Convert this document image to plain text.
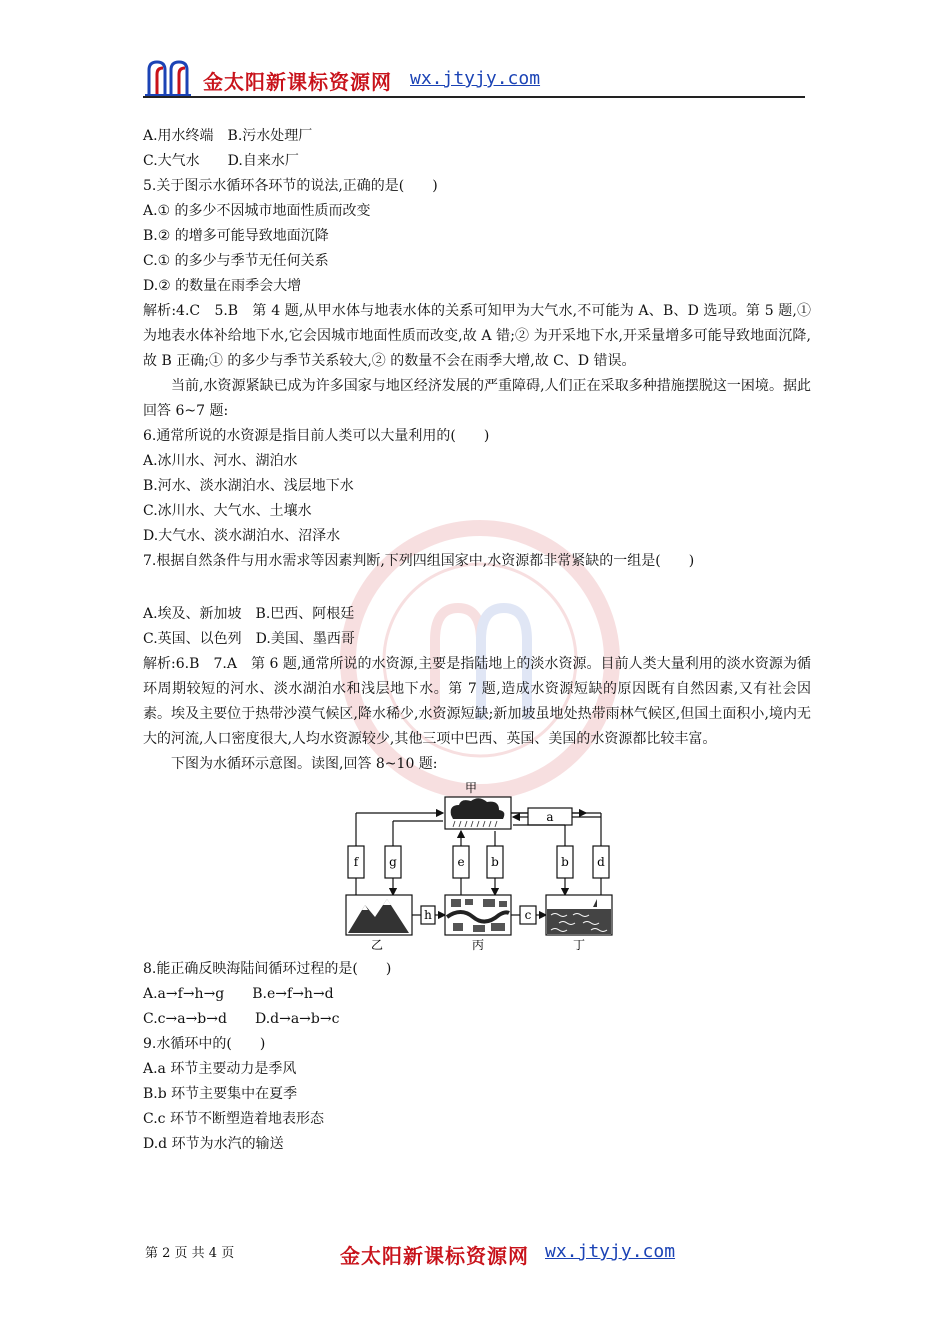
金太阳新课标资源网 wx.jtyjy.com
A.用水终端　B.污水处理厂
C.大气水　　D.自来水厂
5.关于图示水循环各环节的说法,正确的是(　　)
A.① 的多少不因城市地面性质而改变
B.② 的增多可能导致地面沉降
C.① 的多少与季节无任何关系
D.② 的数量在雨季会大增
解析:4.C　5.B　第 4 题,从甲水体与地表水体的关系可知甲为大气水,不可能为 A、B、D 选项。第 5 题,① 为地表水体补给地下水,它会因城市地面性质而改变,故 A 错;② 为开采地下水,开采量增多可能导致地面沉降,故 B 正确;① 的多少与季节关系较大,② 的数量不会在雨季大增,故 C、D 错误。
当前,水资源紧缺已成为许多国家与地区经济发展的严重障碍,人们正在采取多种措施摆脱这一困境。据此回答 6~7 题:
6.通常所说的水资源是指目前人类可以大量利用的(　　)
A.冰川水、河水、湖泊水
B.河水、淡水湖泊水、浅层地下水
C.冰川水、大气水、土壤水
D.大气水、淡水湖泊水、沼泽水
7.根据自然条件与用水需求等因素判断,下列四组国家中,水资源都非常紧缺的一组是(　　)
A.埃及、新加坡　B.巴西、阿根廷
C.英国、以色列　D.美国、墨西哥
解析:6.B　7.A　第 6 题,通常所说的水资源,主要是指陆地上的淡水资源。目前人类大量利用的淡水资源为循环周期较短的河水、淡水湖泊水和浅层地下水。第 7 题,造成水资源短缺的原因既有自然因素,又有社会因素。埃及主要位于热带沙漠气候区,降水稀少,水资源短缺;新加坡虽地处热带雨林气候区,但国土面积小,境内无大的河流,人口密度很大,人均水资源较少,其他三项中巴西、英国、美国的水资源都比较丰富。
下图为水循环示意图。读图,回答 8~10 题:
甲
a
f	g	e b	b d
乙
h
丙
c
丁
8.能正确反映海陆间循环过程的是(　　)
A.a→f→h→g　　B.e→f→h→d
C.c→a→b→d　　D.d→a→b→c
9.水循环中的(　　)
A.a 环节主要动力是季风
B.b 环节主要集中在夏季
C.c 环节不断塑造着地表形态
D.d 环节为水汽的输送
第 2 页 共 4 页	金太阳新课标资源网 wx.jtyjy.com
